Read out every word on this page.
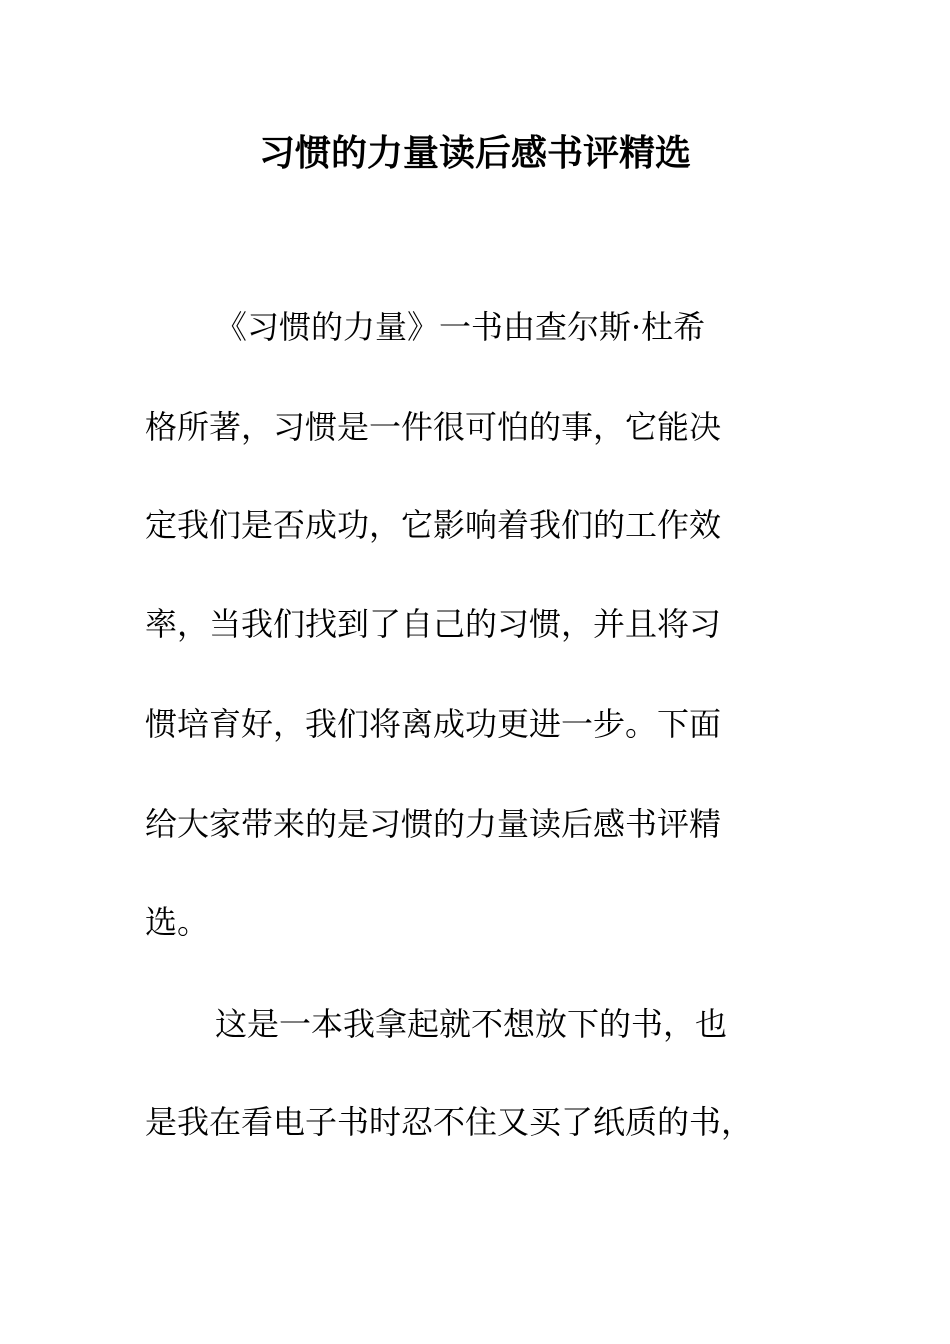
习惯的力量读后感书评精选
《习惯的力量》一书由查尔斯·杜希
格所著，习惯是一件很可怕的事，它能决
定我们是否成功，它影响着我们的工作效
率，当我们找到了自己的习惯，并且将习
惯培育好，我们将离成功更进一步。下面
给大家带来的是习惯的力量读后感书评精
选。
这是一本我拿起就不想放下的书，也
是我在看电子书时忍不住又买了纸质的书，
